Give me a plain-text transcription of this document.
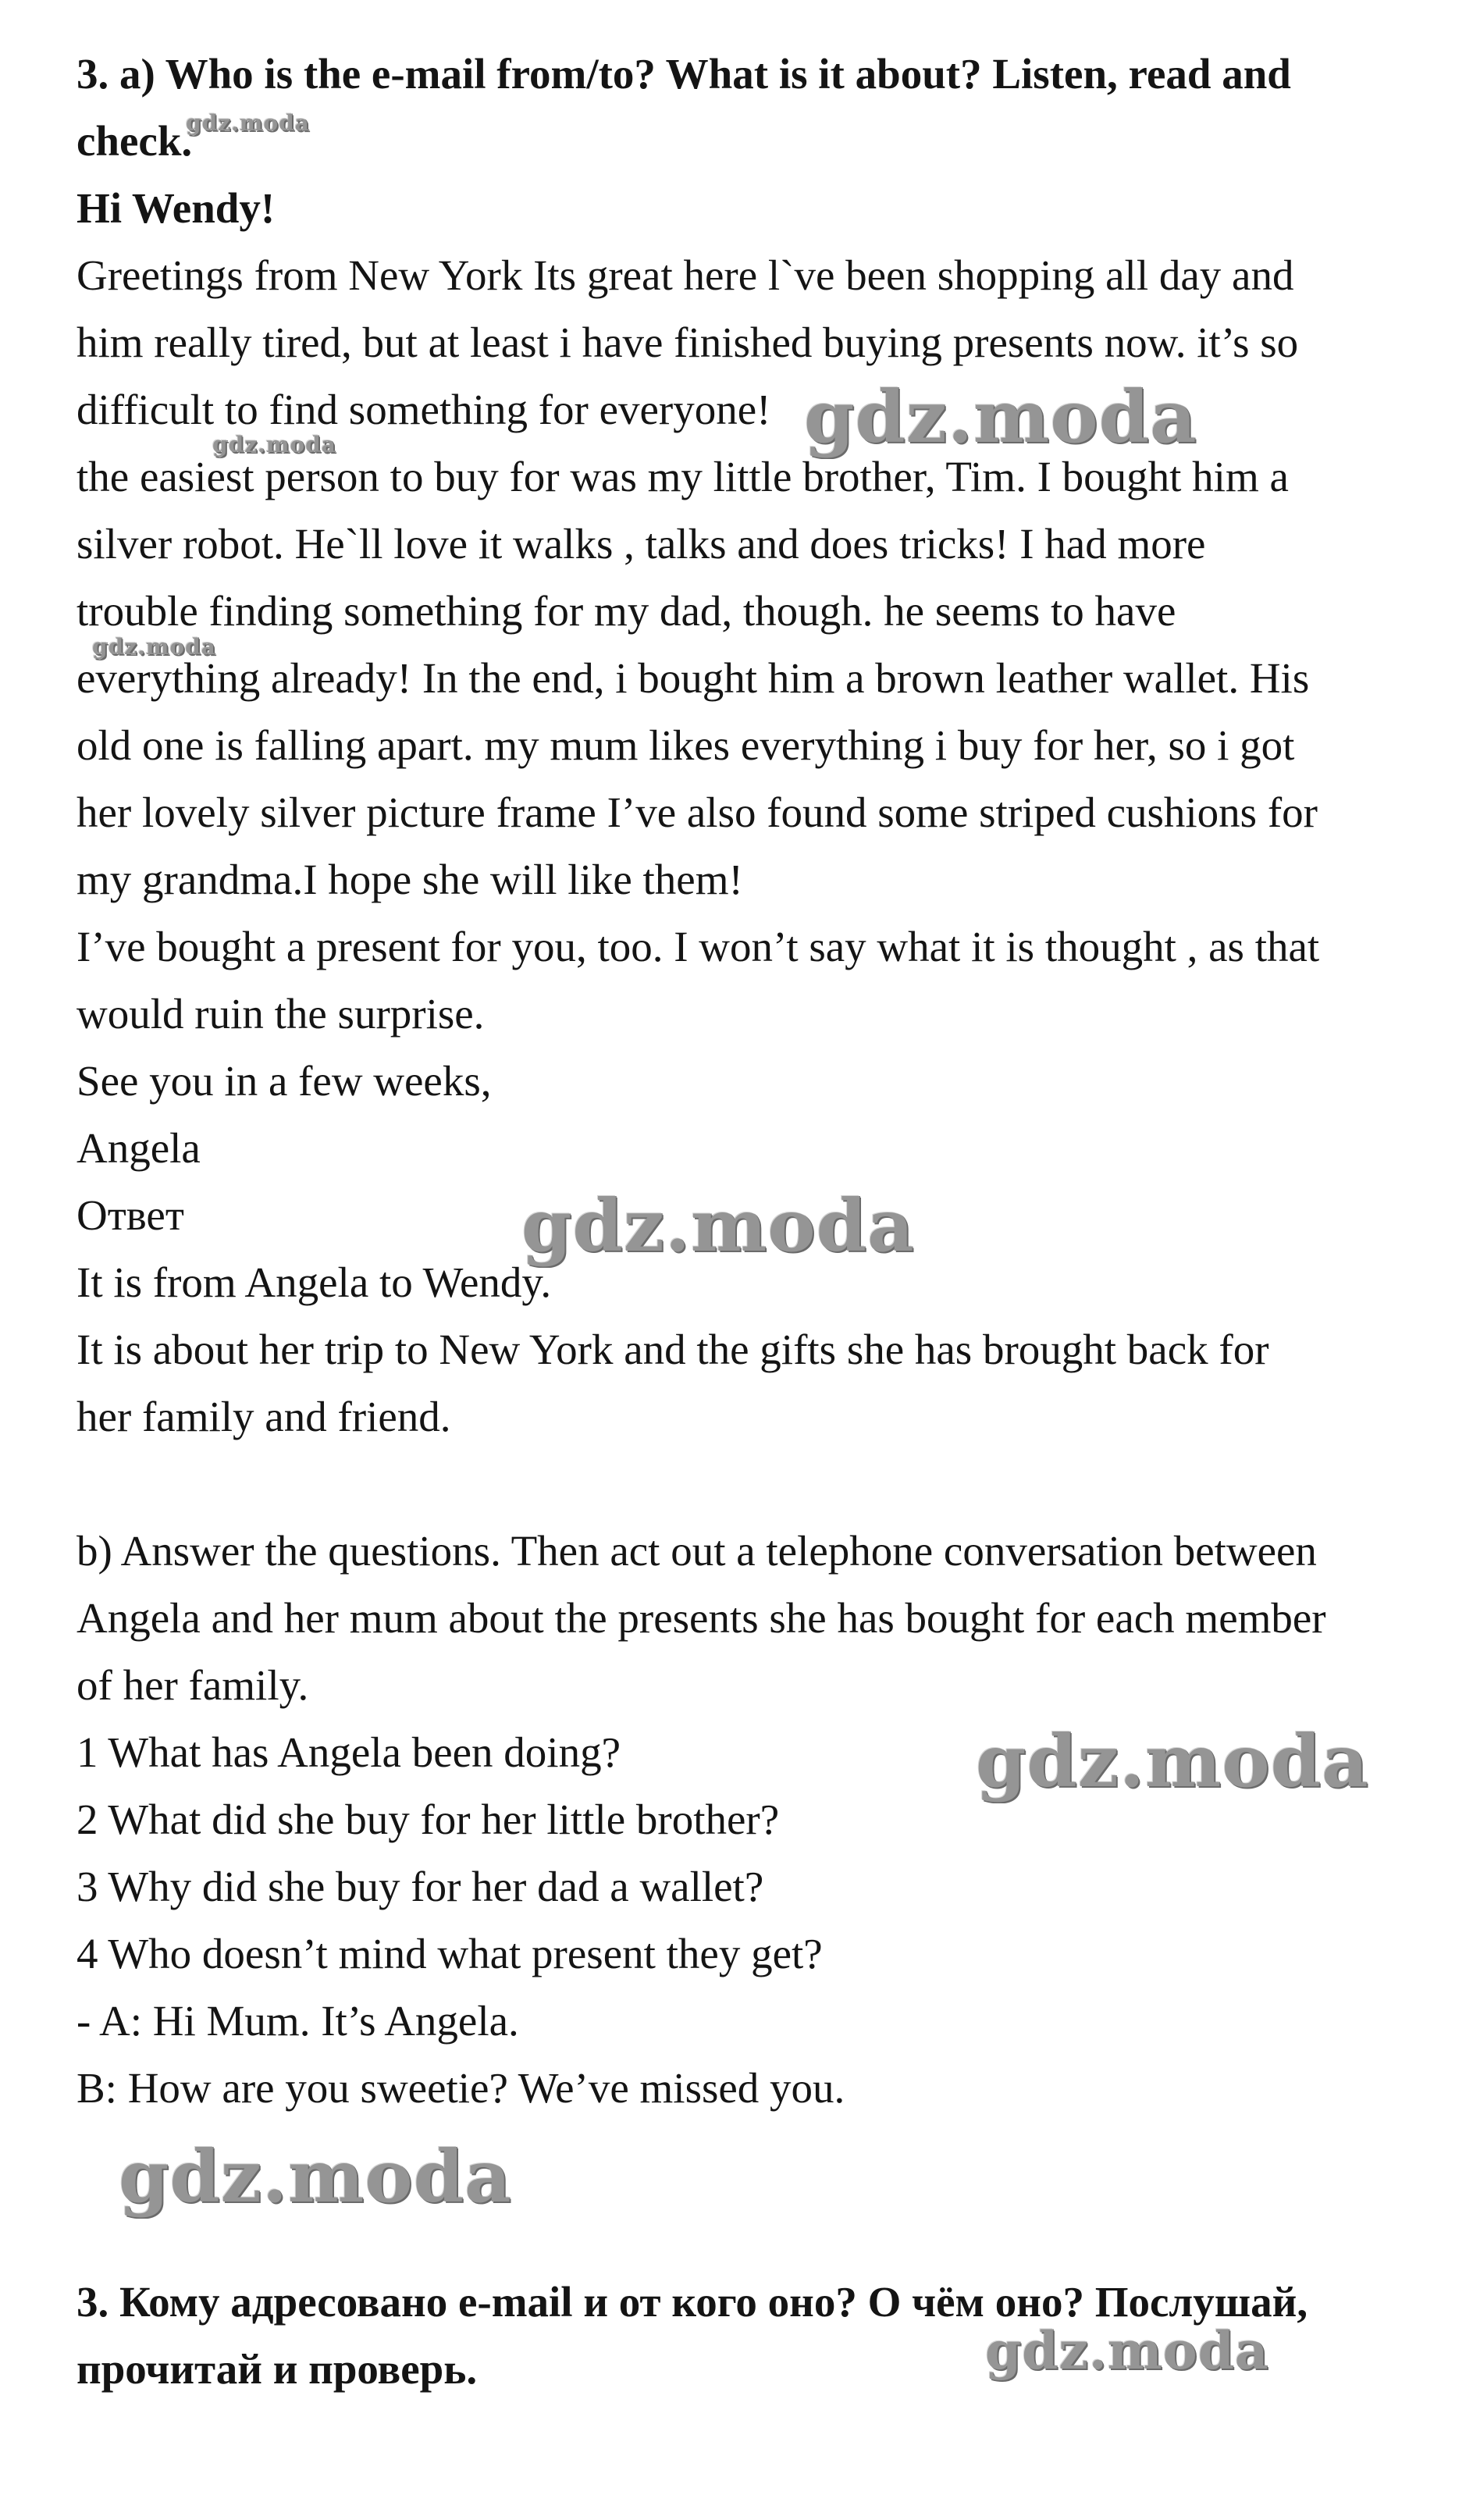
3. a) Who is the e-mail from/to? What is it about? Listen, read and
check.
Hi Wendy!
Greetings from New York Its great here l`ve been shopping all day and
him really tired, but at least i have finished buying presents now. it’s so
difficult to find something for everyone!
the easiest person to buy for was my little brother, Tim. I bought him a
silver robot. He`ll love it walks , talks and does tricks! I had more
trouble finding something for my dad, though. he seems to have
everything already! In the end, i bought him a brown leather wallet. His
old one is falling apart. my mum likes everything i buy for her, so i got
her lovely silver picture frame I’ve also found some striped cushions for
my grandma.I hope she will like them!
I’ve bought a present for you, too. I won’t say what it is thought , as that
would ruin the surprise.
See you in a few weeks,
Angela
Ответ
It is from Angela to Wendy.
It is about her trip to New York and the gifts she has brought back for
her family and friend.
b) Answer the questions. Then act out a telephone conversation between
Angela and her mum about the presents she has bought for each member
of her family.
1 What has Angela been doing?
2 What did she buy for her little brother?
3 Why did she buy for her dad a wallet?
4 Who doesn’t mind what present they get?
- A: Hi Mum. It’s Angela.
B: How are you sweetie? We’ve missed you.
3. Кому адресовано e-mail и от кого оно? О чём оно? Послушай,
прочитай и проверь.
gdz.moda
gdz.moda
gdz.moda
gdz.moda
gdz.moda
gdz.moda
gdz.moda
gdz.moda
